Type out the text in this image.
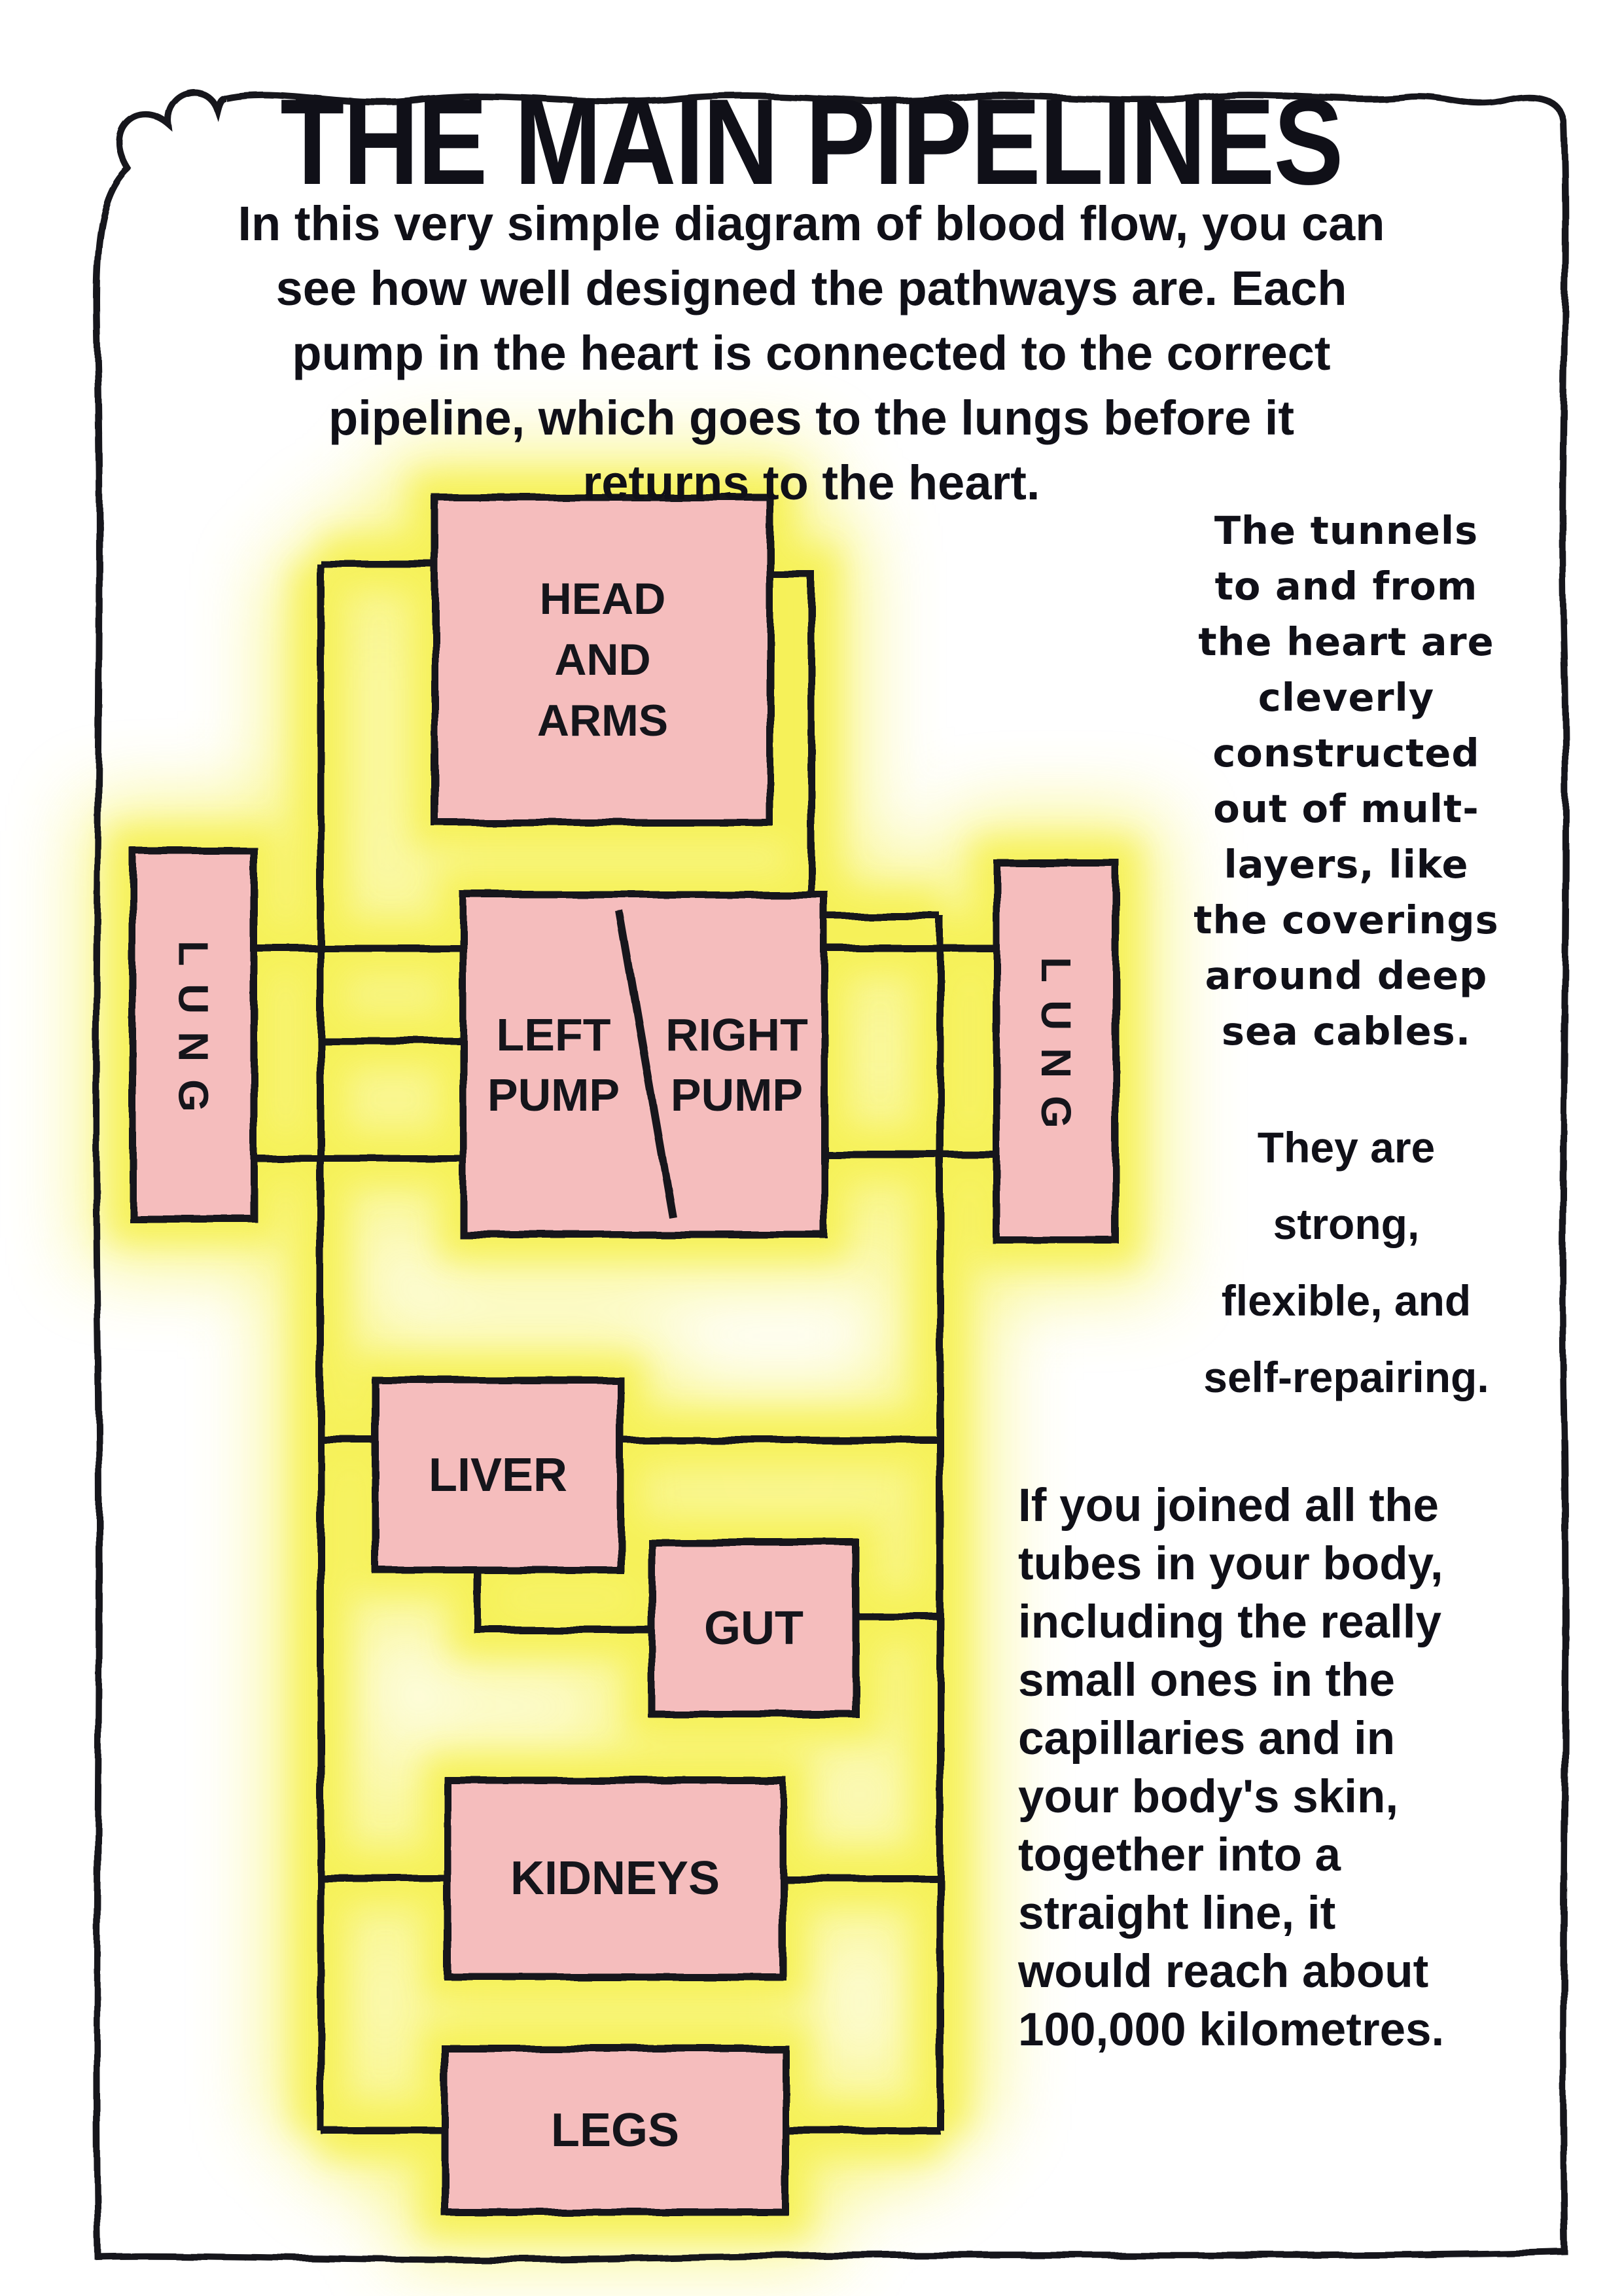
THE MAIN PIPELINES
In this very simple diagram of blood flow, you can
see how well designed the pathways are. Each
pump in the heart is connected to the correct
pipeline, which goes to the lungs before it
returns to the heart.
The tunnels
to and from
the heart are
cleverly
constructed
out of mult-
layers, like
the coverings
around deep
sea cables.
They are
strong,
flexible, and
self-repairing.
If you joined all the
tubes in your body,
including the really
small ones in the
capillaries and in
your body's skin,
together into a
straight line, it
would reach about
100,000 kilometres.
HEAD
AND
ARMS
LEFT
PUMP
RIGHT
PUMP
LUNG	LUNG
LIVER
GUT
KIDNEYS
LEGS
